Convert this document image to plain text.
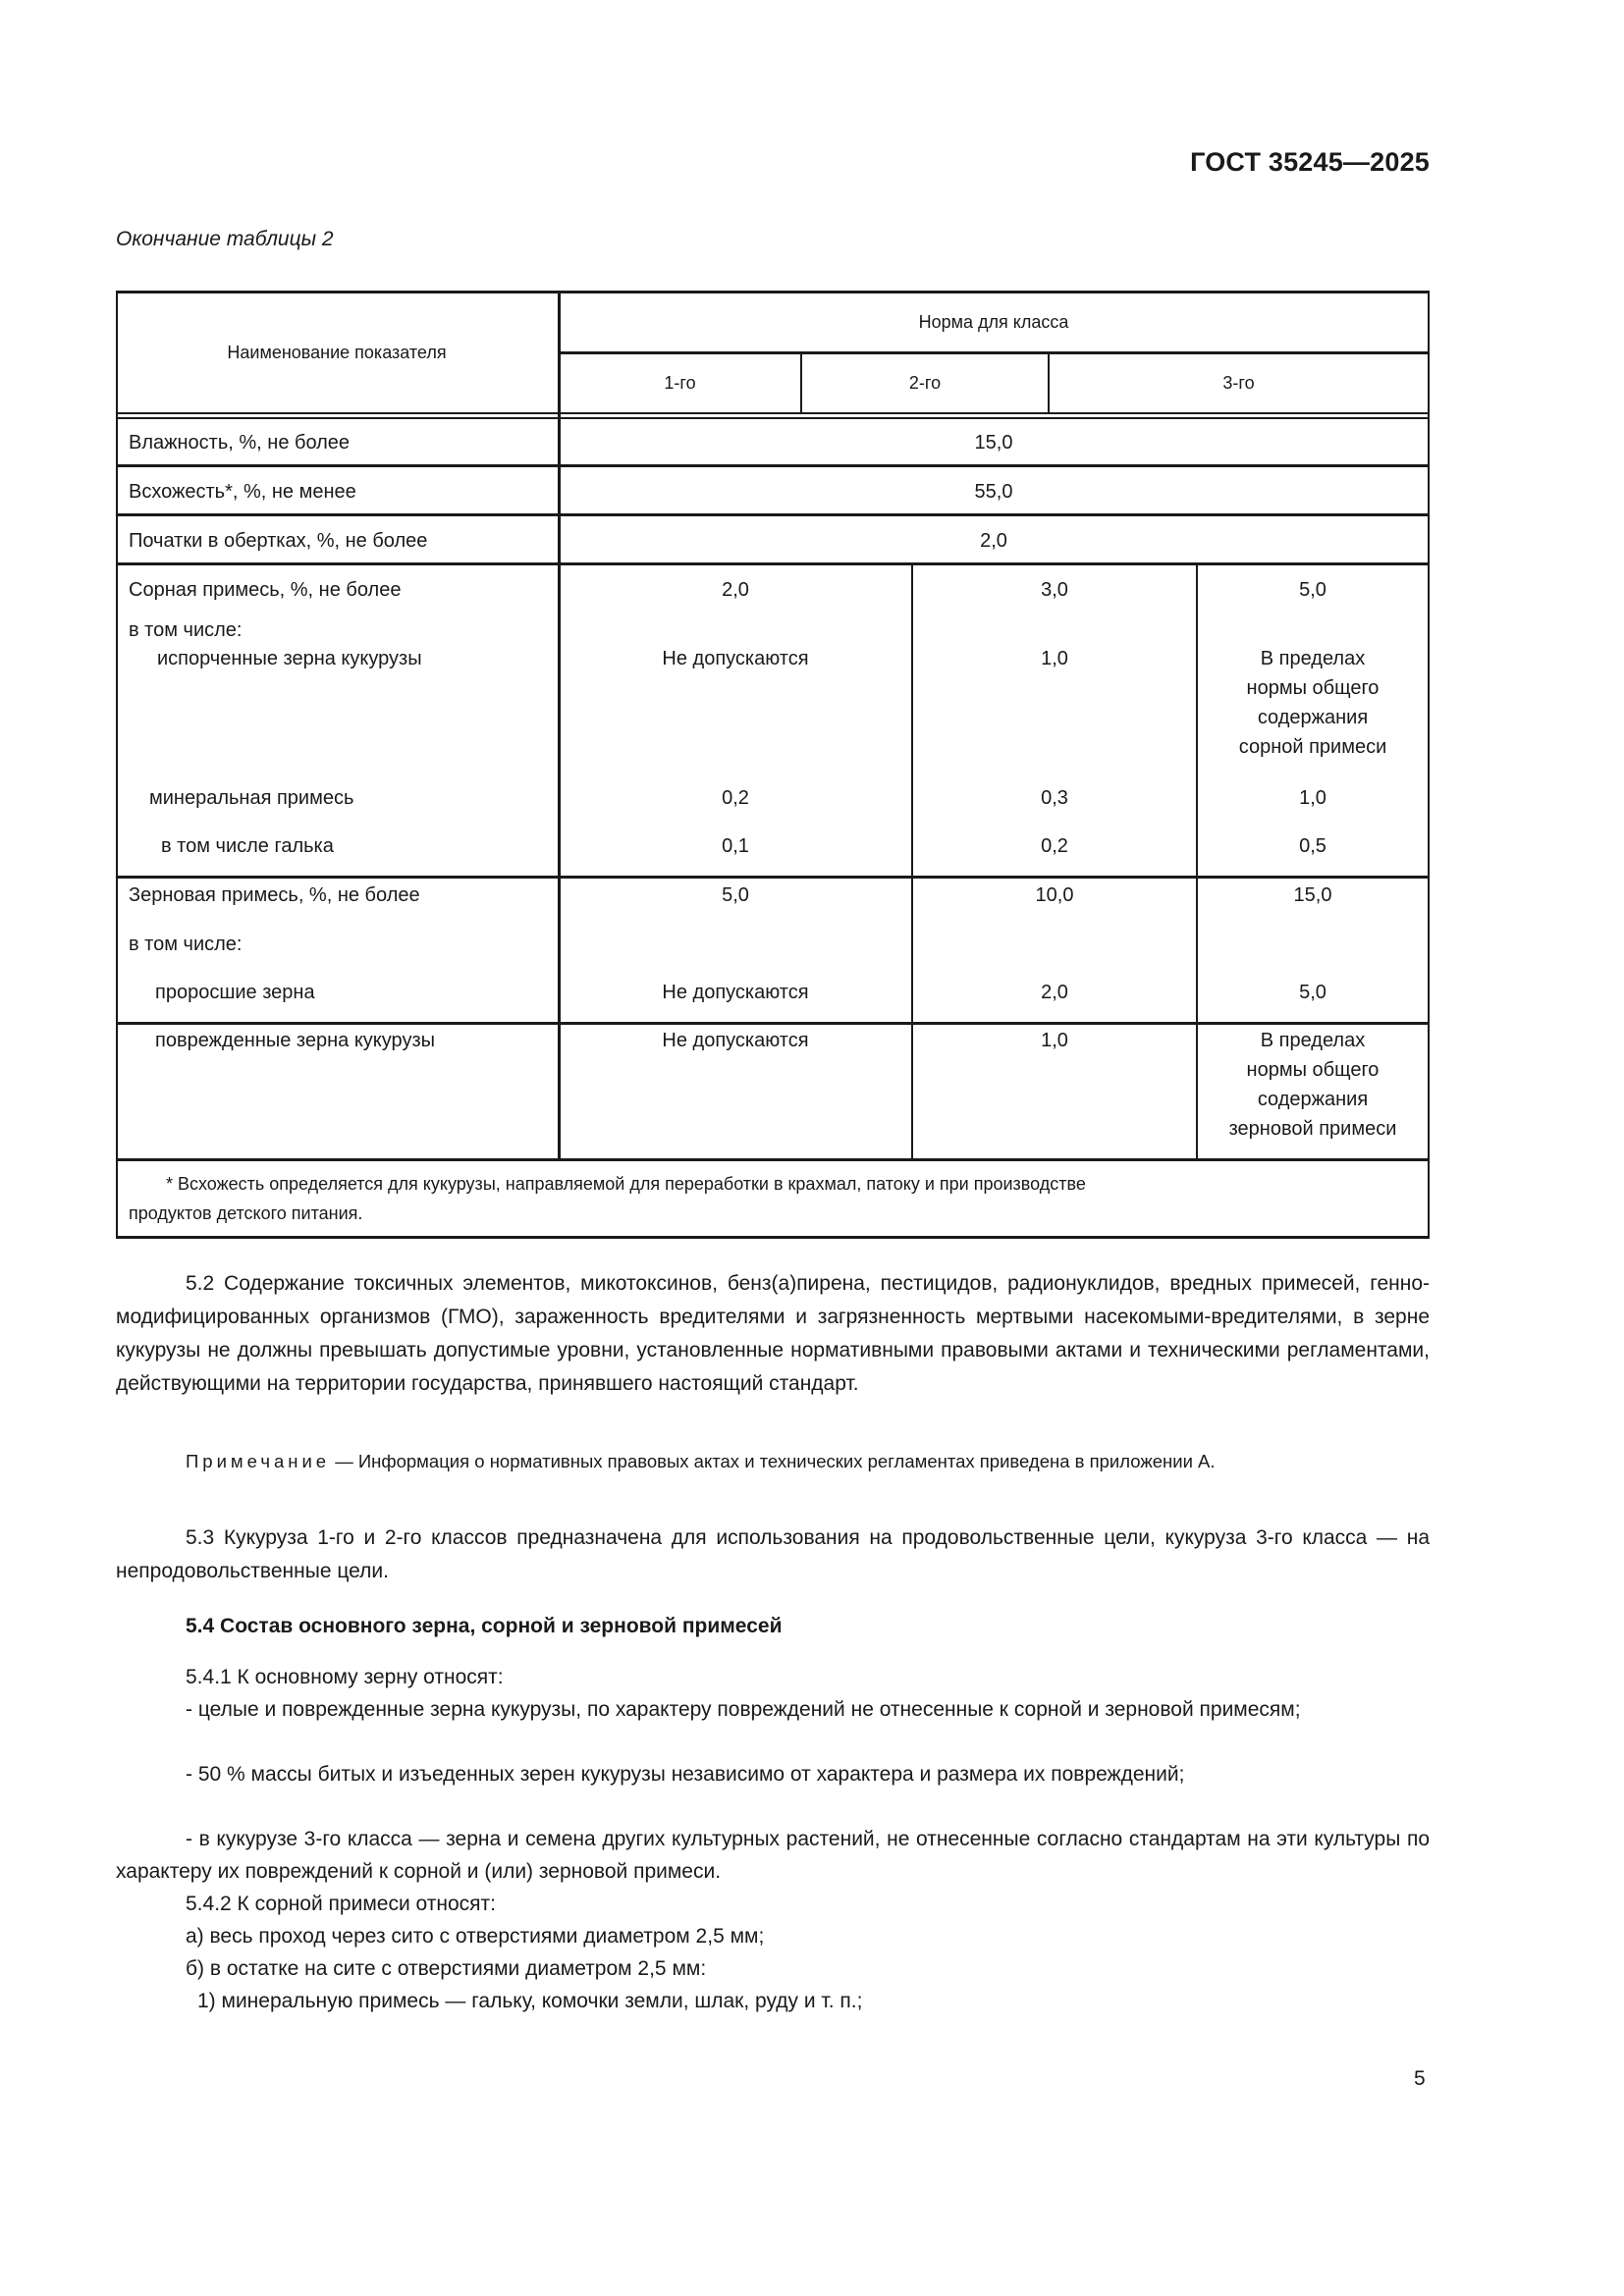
ГОСТ 35245—2025
Окончание таблицы 2
Наименование показателя
Норма для класса
1-го	2-го	3-го
Влажность, %, не более	15,0
Всхожесть*, %, не менее	55,0
Початки в обертках, %, не более	2,0
Сорная примесь, %, не более	2,0	3,0	5,0
в том числе:
испорченные зерна кукурузы	Не допускаются	1,0	В пределах
нормы общего
содержания
сорной примеси
минеральная примесь	0,2	0,3	1,0
в том числе галька	0,1	0,2	0,5
Зерновая примесь, %, не более	5,0	10,0	15,0
в том числе:
проросшие зерна	Не допускаются	2,0	5,0
поврежденные зерна кукурузы	Не допускаются	1,0	В пределах
нормы общего
содержания
зерновой примеси
* Всхожесть определяется для кукурузы, направляемой для переработки в крахмал, патоку и при производстве
продуктов детского питания.
5.2 Содержание токсичных элементов, микотоксинов, бенз(а)пирена, пестицидов, радионуклидов, вредных примесей, генно-модифицированных организмов (ГМО), зараженность вредителями и загрязненность мертвыми насекомыми-вредителями, в зерне кукурузы не должны превышать допустимые уровни, установленные нормативными правовыми актами и техническими регламентами, действующими на территории государства, принявшего настоящий стандарт.
Примечание — Информация о нормативных правовых актах и технических регламентах приведена в приложении А.
5.3 Кукуруза 1-го и 2-го классов предназначена для использования на продовольственные цели, кукуруза 3-го класса — на непродовольственные цели.
5.4 Состав основного зерна, сорной и зерновой примесей
5.4.1 К основному зерну относят:
- целые и поврежденные зерна кукурузы, по характеру повреждений не отнесенные к сорной и зерновой примесям;
- 50 % массы битых и изъеденных зерен кукурузы независимо от характера и размера их повреждений;
- в кукурузе 3-го класса — зерна и семена других культурных растений, не отнесенные согласно стандартам на эти культуры по характеру их повреждений к сорной и (или) зерновой примеси.
5.4.2 К сорной примеси относят:
а) весь проход через сито с отверстиями диаметром 2,5 мм;
б) в остатке на сите с отверстиями диаметром 2,5 мм:
1) минеральную примесь — гальку, комочки земли, шлак, руду и т. п.;
5
